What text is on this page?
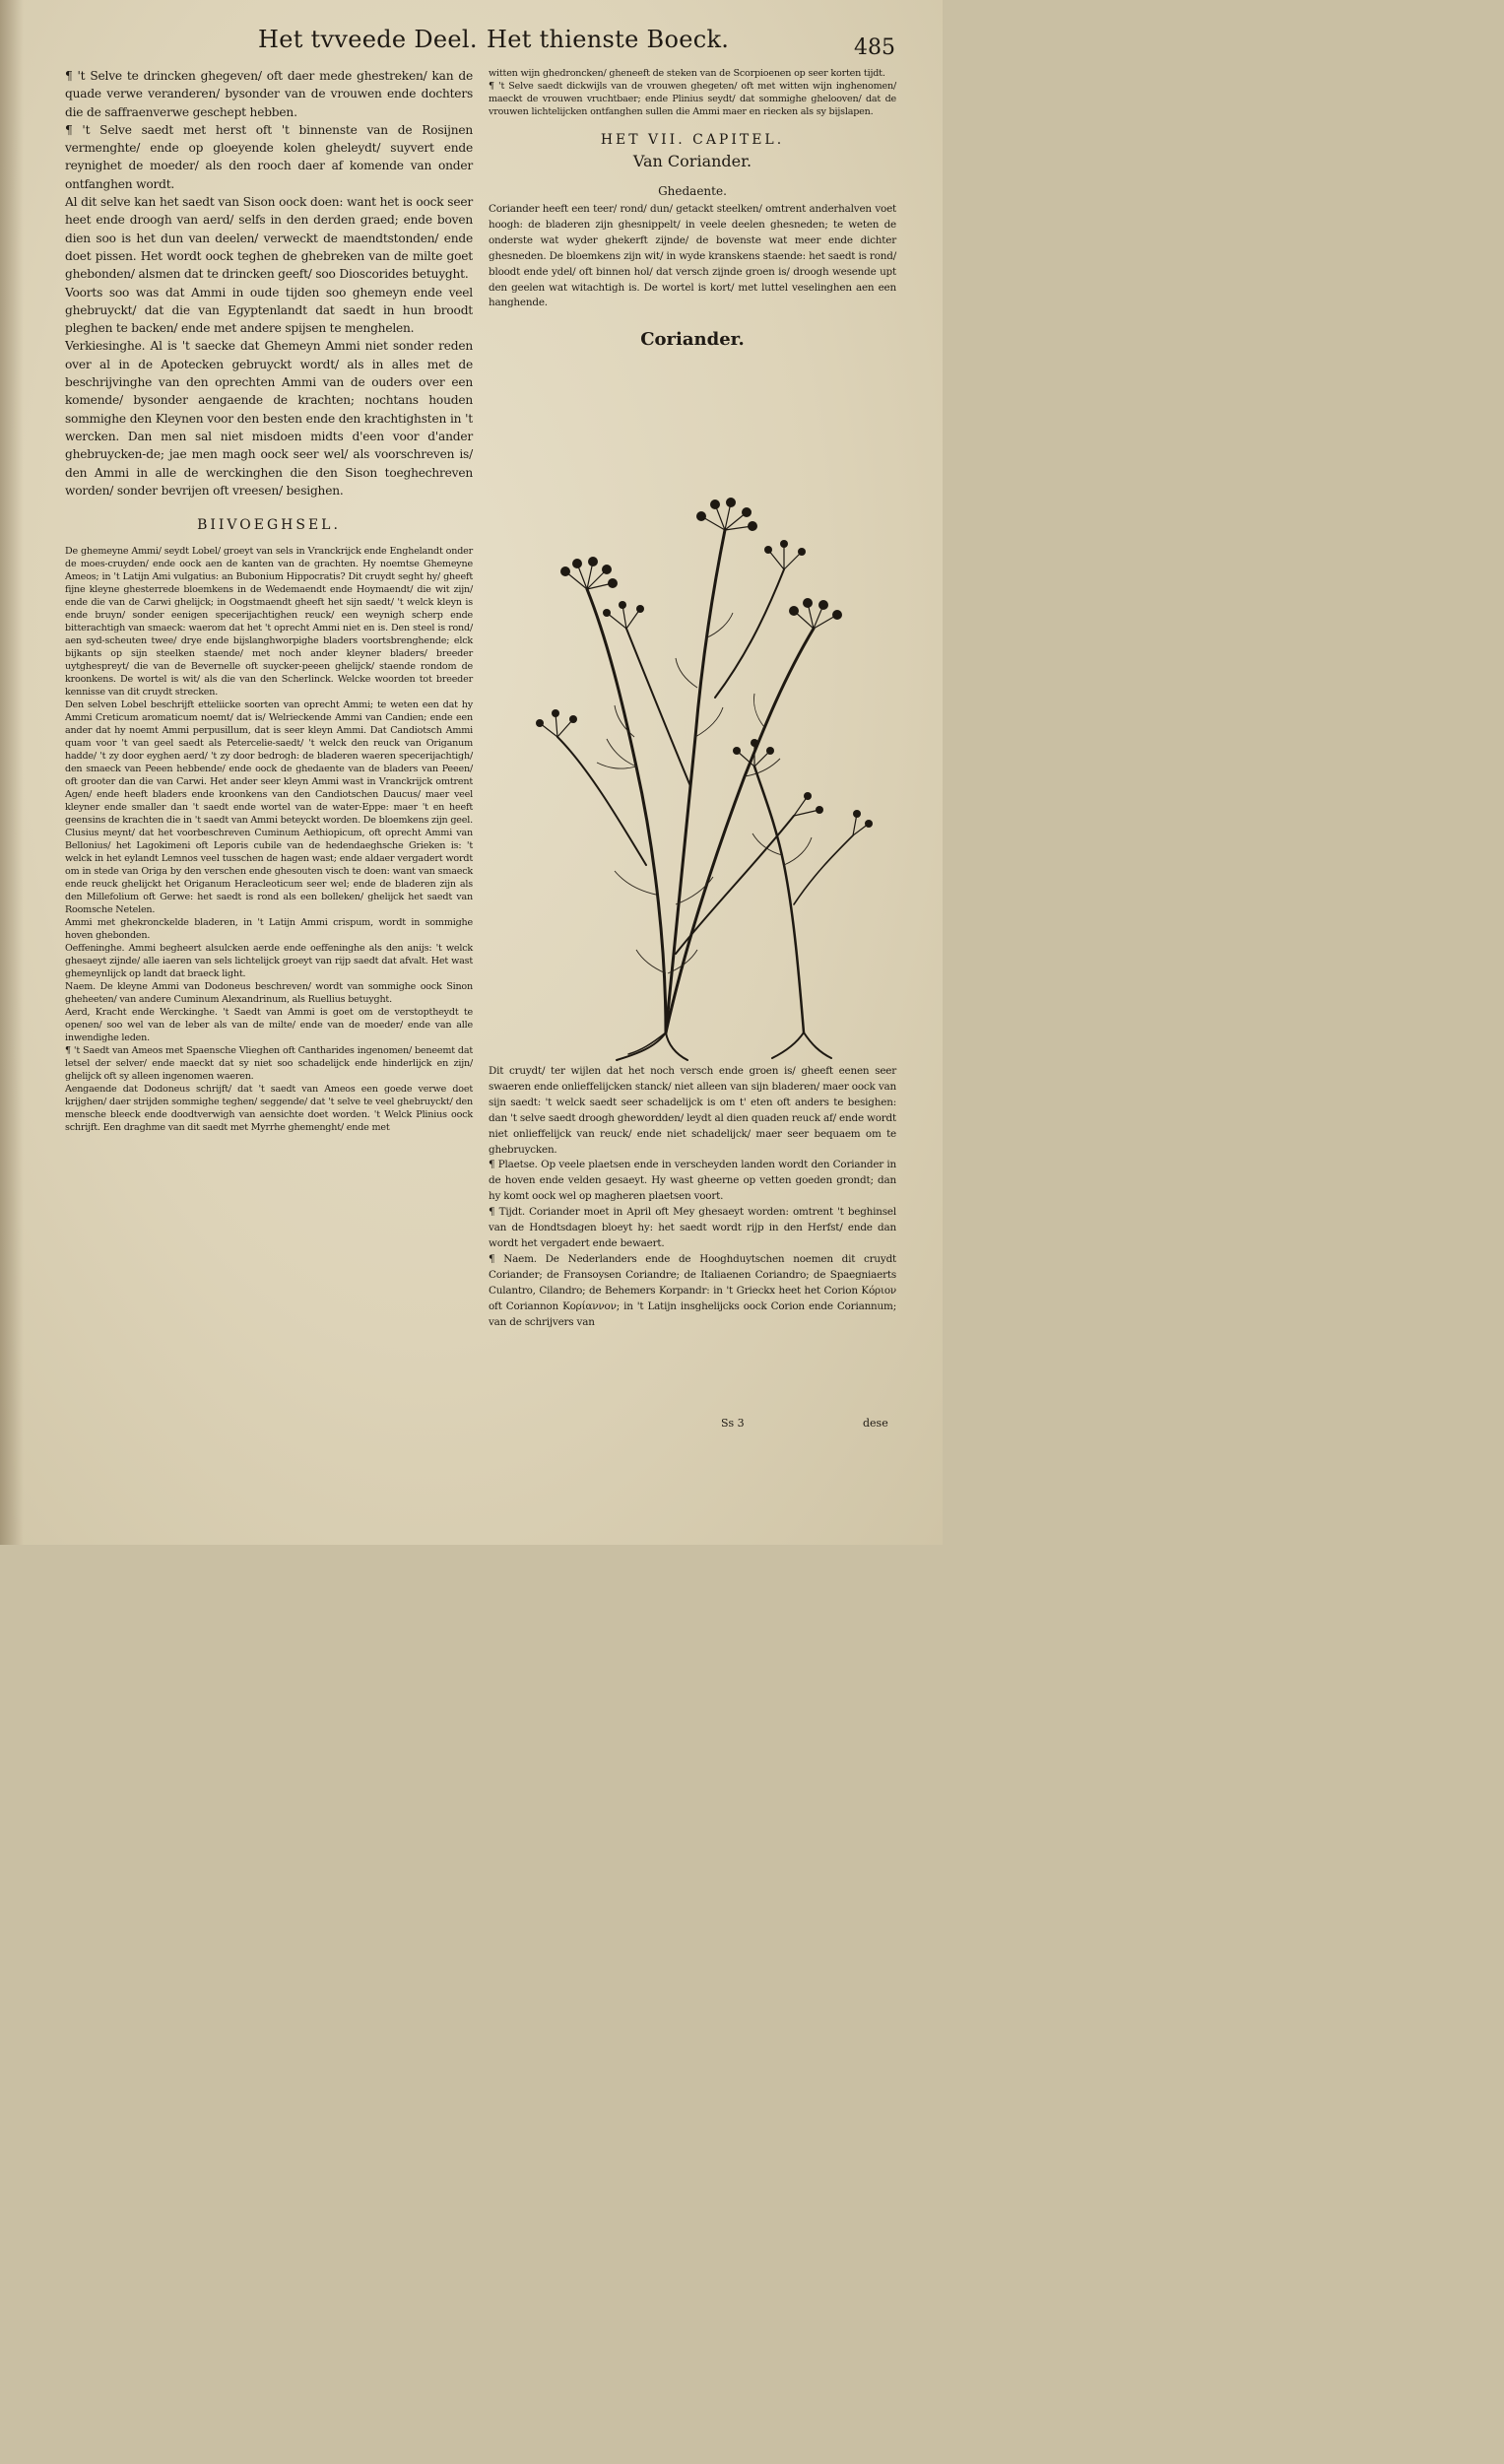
Het tvveede Deel. Het thienste Boeck.	485

¶ 't Selve te drincken ghegeven/ oft daer mede ghestreken/ kan de quade verwe veranderen/ bysonder van de vrouwen ende dochters die de saffraenverwe geschept hebben.

¶ 't Selve saedt met herst oft 't binnenste van de Rosijnen vermenghte/ ende op gloeyende kolen gheleydt/ suyvert ende reynighet de moeder/ als den rooch daer af komende van onder ontfanghen wordt.

Al dit selve kan het saedt van Sison oock doen: want het is oock seer heet ende droogh van aerd/ selfs in den derden graed; ende boven dien soo is het dun van deelen/ verweckt de maendtstonden/ ende doet pissen. Het wordt oock teghen de ghebreken van de milte goet ghebonden/ alsmen dat te drincken geeft/ soo Dioscorides betuyght.

Voorts soo was dat Ammi in oude tijden soo ghemeyn ende veel ghebruyckt/ dat die van Egyptenlandt dat saedt in hun broodt pleghen te backen/ ende met andere spijsen te menghelen.

Verkiesinghe. Al is 't saecke dat Ghemeyn Ammi niet sonder reden over al in de Apotecken gebruyckt wordt/ als in alles met de beschrijvinghe van den oprechten Ammi van de ouders over een komende/ bysonder aengaende de krachten; nochtans houden sommighe den Kleynen voor den besten ende den krachtighsten in 't wercken. Dan men sal niet misdoen midts d'een voor d'ander ghebruycken-de; jae men magh oock seer wel/ als voorschreven is/ den Ammi in alle de werckinghen die den Sison toeghechreven worden/ sonder bevrijen oft vreesen/ besighen.

BIIVOEGHSEL.

De ghemeyne Ammi/ seydt Lobel/ groeyt van sels in Vranckrijck ende Enghelandt onder de moes-cruyden/ ende oock aen de kanten van de grachten. Hy noemtse Ghemeyne Ameos; in 't Latijn Ami vulgatius: an Bubonium Hippocratis? Dit cruydt seght hy/ gheeft fijne kleyne ghesterrede bloemkens in de Wedemaendt ende Hoymaendt/ die wit zijn/ ende die van de Carwi ghelijck; in Oogstmaendt gheeft het sijn saedt/ 't welck kleyn is ende bruyn/ sonder eenigen specerijachtighen reuck/ een weynigh scherp ende bitterachtigh van smaeck: waerom dat het 't oprecht Ammi niet en is. Den steel is rond/ aen syd-scheuten twee/ drye ende bijslanghworpighe bladers voortsbrenghende; elck bijkants op sijn steelken staende/ met noch ander kleyner bladers/ breeder uytghespreyt/ die van de Bevernelle oft suycker-peeen ghelijck/ staende rondom de kroonkens. De wortel is wit/ als die van den Scherlinck. Welcke woorden tot breeder kennisse van dit cruydt strecken.

Den selven Lobel beschrijft etteliicke soorten van oprecht Ammi; te weten een dat hy Ammi Creticum aromaticum noemt/ dat is/ Welrieckende Ammi van Candien; ende een ander dat hy noemt Ammi perpusillum, dat is seer kleyn Ammi. Dat Candiotsch Ammi quam voor 't van geel saedt als Petercelie-saedt/ 't welck den reuck van Origanum hadde/ 't zy door eyghen aerd/ 't zy door bedrogh: de bladeren waeren specerijachtigh/ den smaeck van Peeen hebbende/ ende oock de ghedaente van de bladers van Peeen/ oft grooter dan die van Carwi. Het ander seer kleyn Ammi wast in Vranckrijck omtrent Agen/ ende heeft bladers ende kroonkens van den Candiotschen Daucus/ maer veel kleyner ende smaller dan 't saedt ende wortel van de water-Eppe: maer 't en heeft geensins de krachten die in 't saedt van Ammi beteyckt worden. De bloemkens zijn geel.

Clusius meynt/ dat het voorbeschreven Cuminum Aethiopicum, oft oprecht Ammi van Bellonius/ het Lagokimeni oft Leporis cubile van de hedendaeghsche Grieken is: 't welck in het eylandt Lemnos veel tusschen de hagen wast; ende aldaer vergadert wordt om in stede van Origa by den verschen ende ghesouten visch te doen: want van smaeck ende reuck ghelijckt het Origanum Heracleoticum seer wel; ende de bladeren zijn als den Millefolium oft Gerwe: het saedt is rond als een bolleken/ ghelijck het saedt van Roomsche Netelen.

Ammi met ghekronckelde bladeren, in 't Latijn Ammi crispum, wordt in sommighe hoven ghebonden.

Oeffeninghe. Ammi begheert alsulcken aerde ende oeffeninghe als den anijs: 't welck ghesaeyt zijnde/ alle iaeren van sels lichtelijck groeyt van rijp saedt dat afvalt. Het wast ghemeynlijck op landt dat braeck light.

Naem. De kleyne Ammi van Dodoneus beschreven/ wordt van sommighe oock Sinon gheheeten/ van andere Cuminum Alexandrinum, als Ruellius betuyght.

Aerd, Kracht ende Werckinghe. 't Saedt van Ammi is goet om de verstoptheydt te openen/ soo wel van de leber als van de milte/ ende van de moeder/ ende van alle inwendighe leden.

¶ 't Saedt van Ameos met Spaensche Vlieghen oft Cantharides ingenomen/ beneemt dat letsel der selver/ ende maeckt dat sy niet soo schadelijck ende hinderlijck en zijn/ ghelijck oft sy alleen ingenomen waeren.

Aengaende dat Dodoneus schrijft/ dat 't saedt van Ameos een goede verwe doet krijghen/ daer strijden sommighe teghen/ seggende/ dat 't selve te veel ghebruyckt/ den mensche bleeck ende doodtverwigh van aensichte doet worden. 't Welck Plinius oock schrijft. Een draghme van dit saedt met Myrrhe ghemenght/ ende met

witten wijn ghedroncken/ gheneeft de steken van de Scorpioenen op seer korten tijdt.

¶ 't Selve saedt dickwijls van de vrouwen ghegeten/ oft met witten wijn inghenomen/ maeckt de vrouwen vruchtbaer; ende Plinius seydt/ dat sommighe ghelooven/ dat de vrouwen lichtelijcken ontfanghen sullen die Ammi maer en riecken als sy bijslapen.

HET VII. CAPITEL.
Van Coriander.
Ghedaente.

Coriander heeft een teer/ rond/ dun/ getackt steelken/ omtrent anderhalven voet hoogh: de bladeren zijn ghesnippelt/ in veele deelen ghesneden; te weten de onderste wat wyder ghekerft zijnde/ de bovenste wat meer ende dichter ghesneden. De bloemkens zijn wit/ in wyde kranskens staende: het saedt is rond/ bloodt ende ydel/ oft binnen hol/ dat versch zijnde groen is/ droogh wesende upt den geelen wat witachtigh is. De wortel is kort/ met luttel veselinghen aen een hanghende.

Coriander.

Dit cruydt/ ter wijlen dat het noch versch ende groen is/ gheeft eenen seer swaeren ende onlieffelijcken stanck/ niet alleen van sijn bladeren/ maer oock van sijn saedt: 't welck saedt seer schadelijck is om t' eten oft anders te besighen: dan 't selve saedt droogh ghewordden/ leydt al dien quaden reuck af/ ende wordt niet onlieffelijck van reuck/ ende niet schadelijck/ maer seer bequaem om te ghebruycken.

¶ Plaetse. Op veele plaetsen ende in verscheyden landen wordt den Coriander in de hoven ende velden gesaeyt. Hy wast gheerne op vetten goeden grondt; dan hy komt oock wel op magheren plaetsen voort.

¶ Tijdt. Coriander moet in April oft Mey ghesaeyt worden: omtrent 't beghinsel van de Hondtsdagen bloeyt hy: het saedt wordt rijp in den Herfst/ ende dan wordt het vergadert ende bewaert.

¶ Naem. De Nederlanders ende de Hooghduytschen noemen dit cruydt Coriander; de Fransoysen Coriandre; de Italiaenen Coriandro; de Spaegniaerts Culantro, Cilandro; de Behemers Korpandr: in 't Grieckx heet het Corion Κόριον oft Coriannon Κορίαννον; in 't Latijn insghelijcks oock Corion ende Coriannum; van de schrijvers van

Ss 3	dese
